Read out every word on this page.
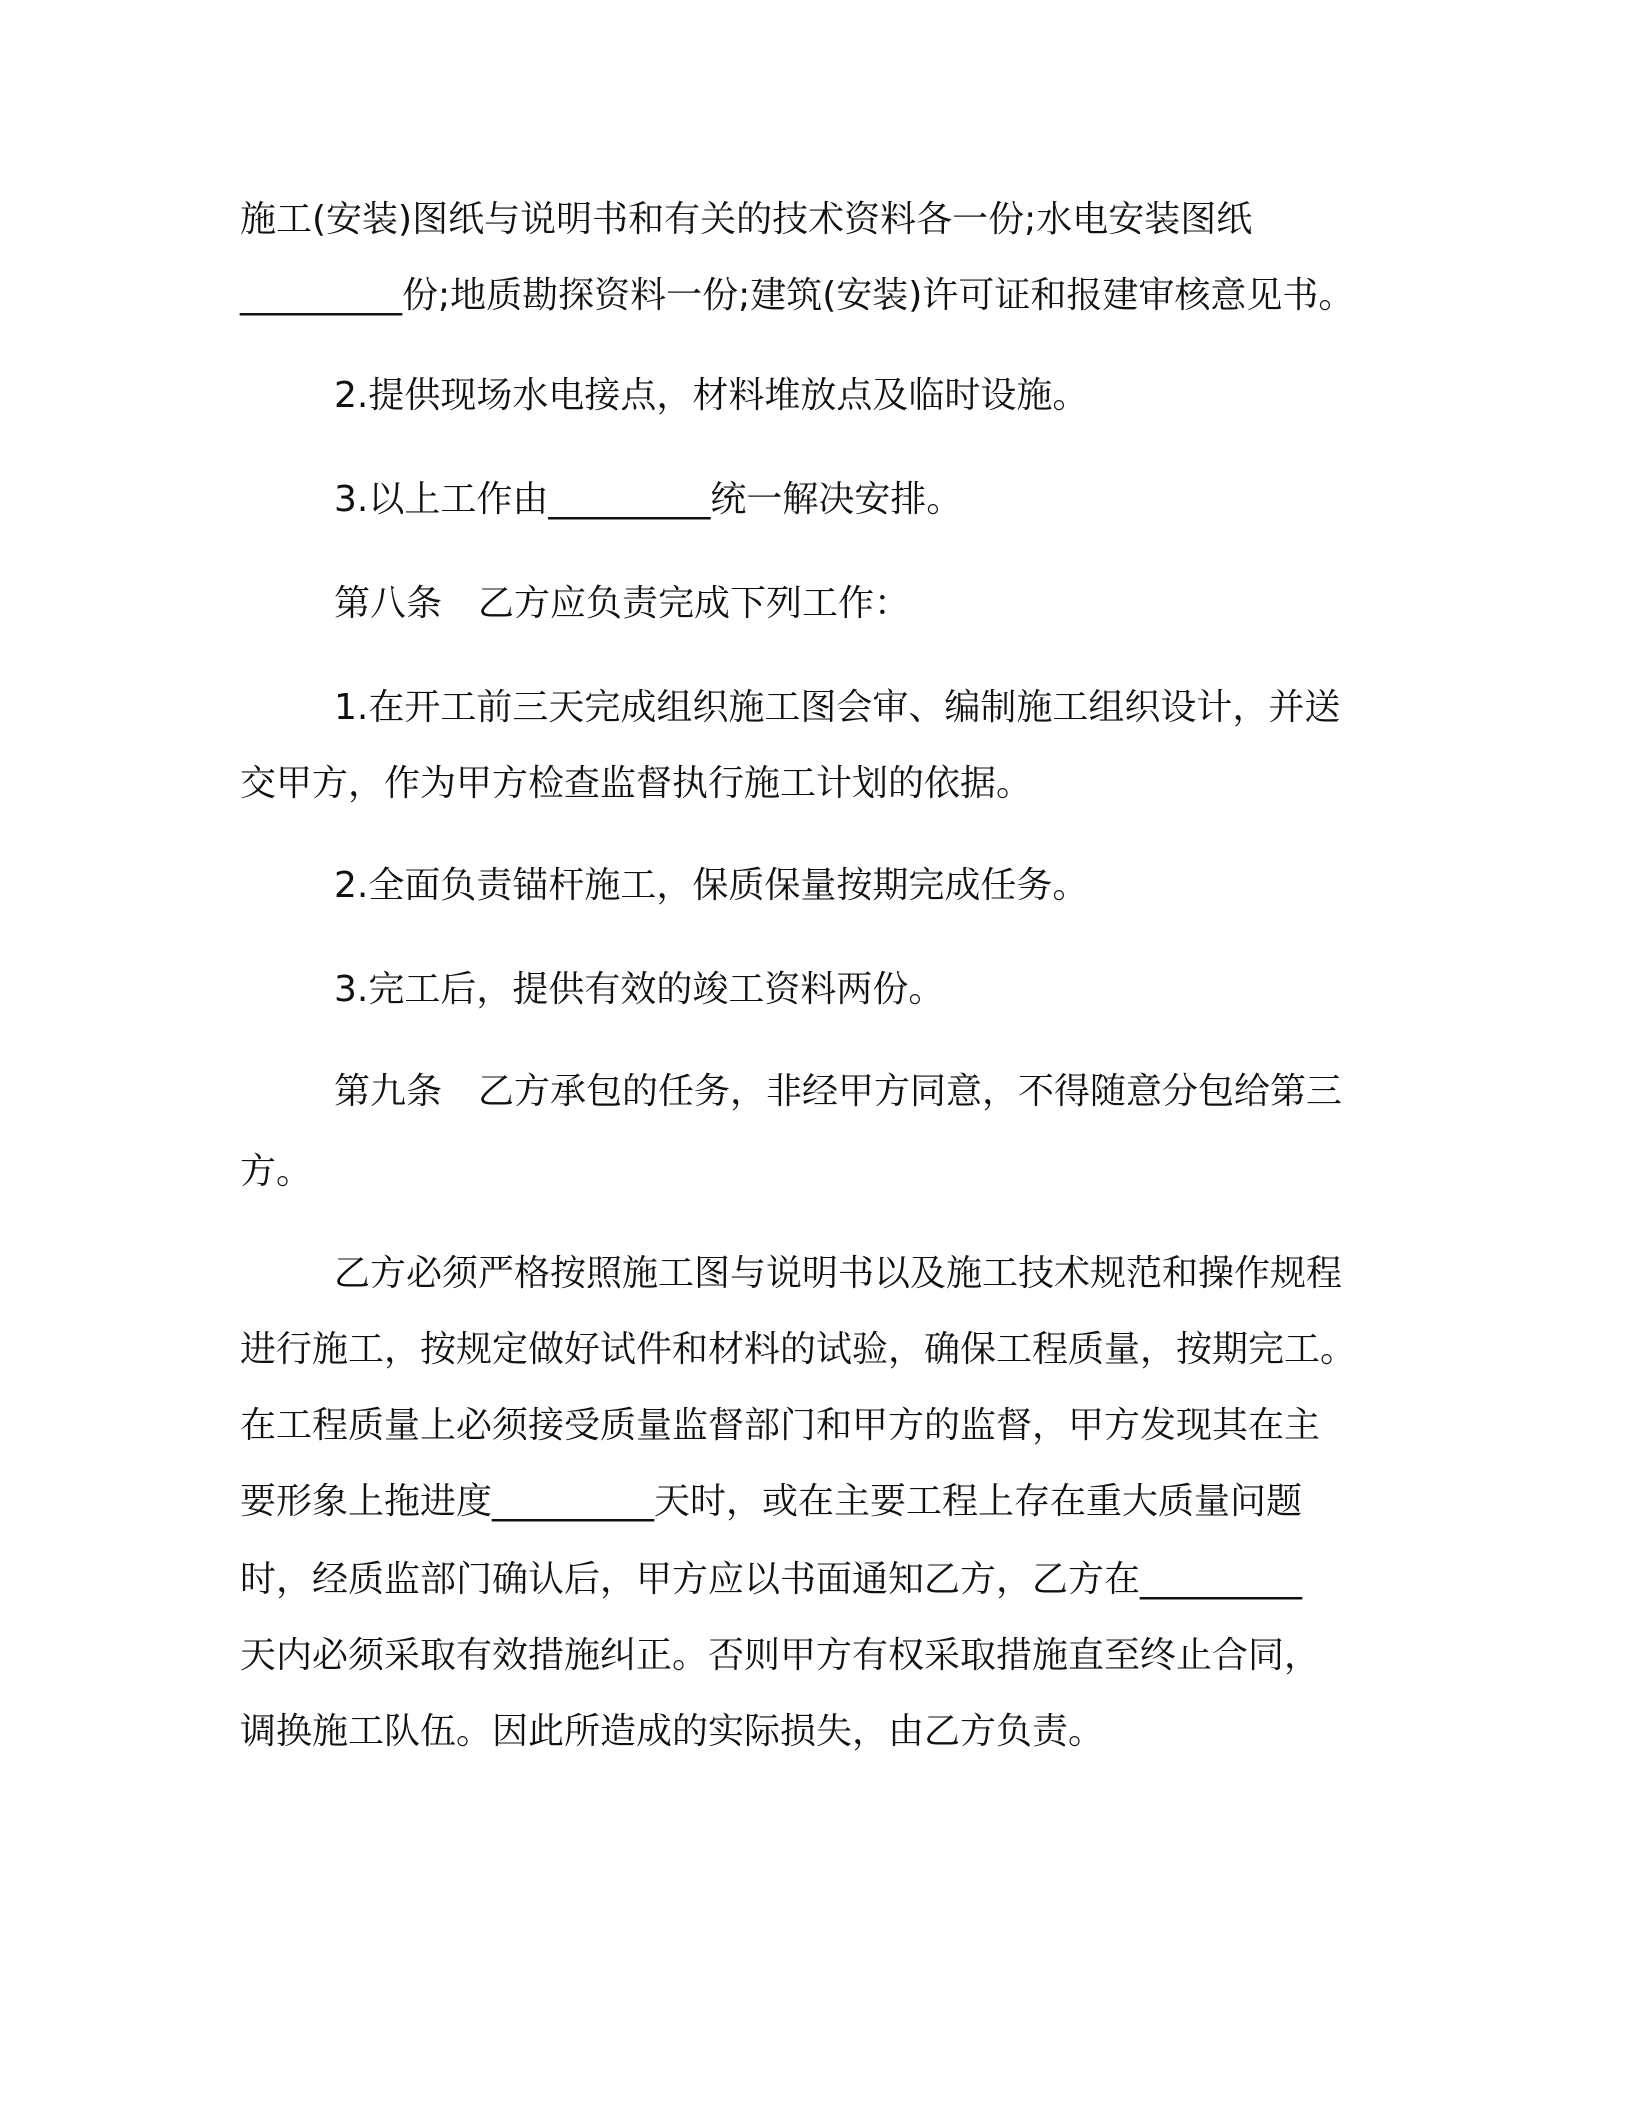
施工(安装)图纸与说明书和有关的技术资料各一份;水电安装图纸
_________份;地质勘探资料一份;建筑(安装)许可证和报建审核意见书。
2.提供现场水电接点，材料堆放点及临时设施。
3.以上工作由_________统一解决安排。
第八条　乙方应负责完成下列工作：
1.在开工前三天完成组织施工图会审、编制施工组织设计，并送
交甲方，作为甲方检查监督执行施工计划的依据。
2.全面负责锚杆施工，保质保量按期完成任务。
3.完工后，提供有效的竣工资料两份。
第九条　乙方承包的任务，非经甲方同意，不得随意分包给第三
方。
乙方必须严格按照施工图与说明书以及施工技术规范和操作规程
进行施工，按规定做好试件和材料的试验，确保工程质量，按期完工。
在工程质量上必须接受质量监督部门和甲方的监督，甲方发现其在主
要形象上拖进度_________天时，或在主要工程上存在重大质量问题
时，经质监部门确认后，甲方应以书面通知乙方，乙方在_________
天内必须采取有效措施纠正。否则甲方有权采取措施直至终止合同，
调换施工队伍。因此所造成的实际损失，由乙方负责。
